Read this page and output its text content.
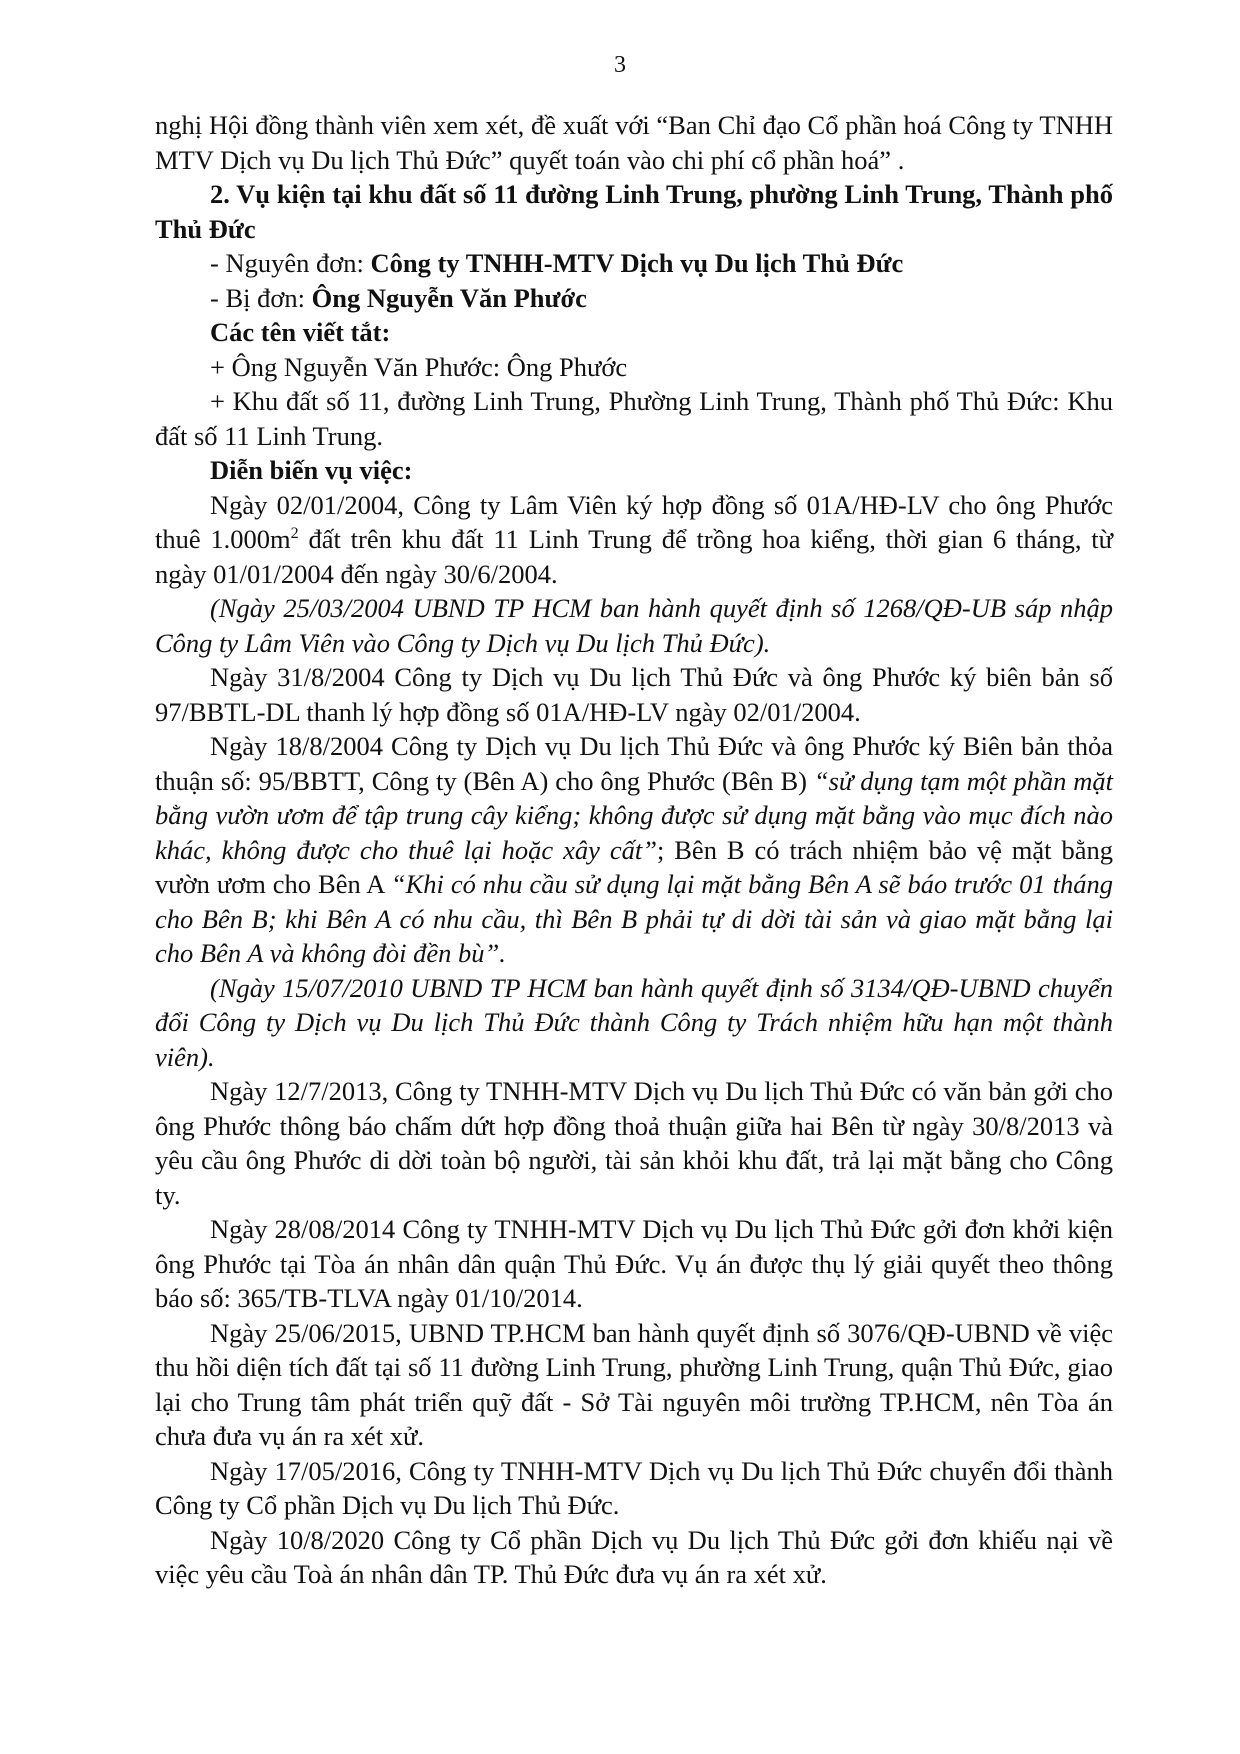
3

nghị Hội đồng thành viên xem xét, đề xuất với “Ban Chỉ đạo Cổ phần hoá Công ty TNHH MTV Dịch vụ Du lịch Thủ Đức” quyết toán vào chi phí cổ phần hoá” .

2. Vụ kiện tại khu đất số 11 đường Linh Trung, phường Linh Trung, Thành phố Thủ Đức

- Nguyên đơn: Công ty TNHH-MTV Dịch vụ Du lịch Thủ Đức

- Bị đơn: Ông Nguyễn Văn Phước

Các tên viết tắt:

+ Ông Nguyễn Văn Phước: Ông Phước

+ Khu đất số 11, đường Linh Trung, Phường Linh Trung, Thành phố Thủ Đức: Khu đất số 11 Linh Trung.

Diễn biến vụ việc:

Ngày 02/01/2004, Công ty Lâm Viên ký hợp đồng số 01A/HĐ-LV cho ông Phước thuê $1.000m^2$ đất trên khu đất 11 Linh Trung để trồng hoa kiểng, thời gian 6 tháng, từ ngày 01/01/2004 đến ngày 30/6/2004.

(Ngày 25/03/2004 UBND TP HCM ban hành quyết định số 1268/QĐ-UB sáp nhập Công ty Lâm Viên vào Công ty Dịch vụ Du lịch Thủ Đức).

Ngày 31/8/2004 Công ty Dịch vụ Du lịch Thủ Đức và ông Phước ký biên bản số 97/BBTL-DL thanh lý hợp đồng số 01A/HĐ-LV ngày 02/01/2004.

Ngày 18/8/2004 Công ty Dịch vụ Du lịch Thủ Đức và ông Phước ký Biên bản thỏa thuận số: 95/BBTT, Công ty (Bên A) cho ông Phước (Bên B) “sử dụng tạm một phần mặt bằng vườn ươm để tập trung cây kiểng; không được sử dụng mặt bằng vào mục đích nào khác, không được cho thuê lại hoặc xây cất”; Bên B có trách nhiệm bảo vệ mặt bằng vườn ươm cho Bên A “Khi có nhu cầu sử dụng lại mặt bằng Bên A sẽ báo trước 01 tháng cho Bên B; khi Bên A có nhu cầu, thì Bên B phải tự di dời tài sản và giao mặt bằng lại cho Bên A và không đòi đền bù”.

(Ngày 15/07/2010 UBND TP HCM ban hành quyết định số 3134/QĐ-UBND chuyển đổi Công ty Dịch vụ Du lịch Thủ Đức thành Công ty Trách nhiệm hữu hạn một thành viên).

Ngày 12/7/2013, Công ty TNHH-MTV Dịch vụ Du lịch Thủ Đức có văn bản gởi cho ông Phước thông báo chấm dứt hợp đồng thoả thuận giữa hai Bên từ ngày 30/8/2013 và yêu cầu ông Phước di dời toàn bộ người, tài sản khỏi khu đất, trả lại mặt bằng cho Công ty.

Ngày 28/08/2014 Công ty TNHH-MTV Dịch vụ Du lịch Thủ Đức gởi đơn khởi kiện ông Phước tại Tòa án nhân dân quận Thủ Đức. Vụ án được thụ lý giải quyết theo thông báo số: 365/TB-TLVA ngày 01/10/2014.

Ngày 25/06/2015, UBND TP.HCM ban hành quyết định số 3076/QĐ-UBND về việc thu hồi diện tích đất tại số 11 đường Linh Trung, phường Linh Trung, quận Thủ Đức, giao lại cho Trung tâm phát triển quỹ đất - Sở Tài nguyên môi trường TP.HCM, nên Tòa án chưa đưa vụ án ra xét xử.

Ngày 17/05/2016, Công ty TNHH-MTV Dịch vụ Du lịch Thủ Đức chuyển đổi thành Công ty Cổ phần Dịch vụ Du lịch Thủ Đức.

Ngày 10/8/2020 Công ty Cổ phần Dịch vụ Du lịch Thủ Đức gởi đơn khiếu nại về việc yêu cầu Toà án nhân dân TP. Thủ Đức đưa vụ án ra xét xử.
